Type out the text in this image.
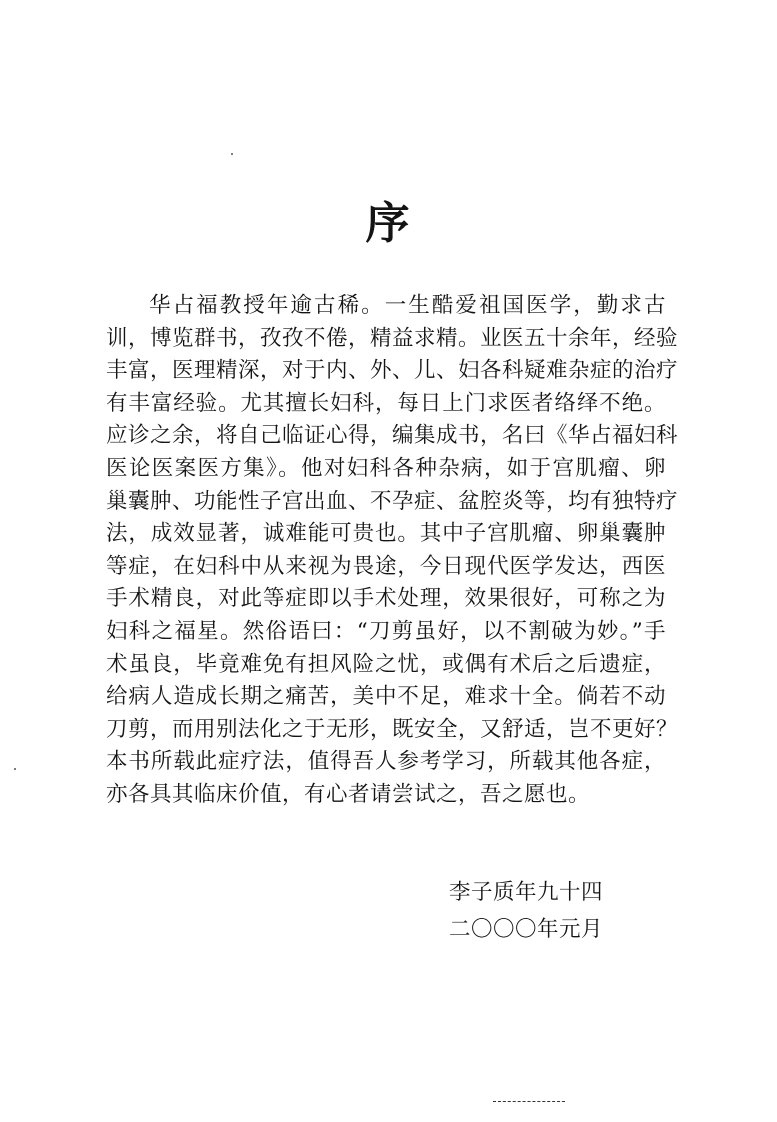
序
华占福教授年逾古稀。一生酷爱祖国医学，勤求古
训，博览群书，孜孜不倦，精益求精。业医五十余年，经验
丰富，医理精深，对于内、外、儿、妇各科疑难杂症的治疗
有丰富经验。尤其擅长妇科，每日上门求医者络绎不绝。
应诊之余，将自己临证心得，编集成书，名曰《华占福妇科
医论医案医方集》。他对妇科各种杂病，如于宫肌瘤、卵
巢囊肿、功能性子宫出血、不孕症、盆腔炎等，均有独特疗
法，成效显著，诚难能可贵也。其中子宫肌瘤、卵巢囊肿
等症，在妇科中从来视为畏途，今日现代医学发达，西医
手术精良，对此等症即以手术处理，效果很好，可称之为
妇科之福星。然俗语曰：“刀剪虽好，以不割破为妙。”手
术虽良，毕竟难免有担风险之忧，或偶有术后之后遗症，
给病人造成长期之痛苦，美中不足，难求十全。倘若不动
刀剪，而用别法化之于无形，既安全，又舒适，岂不更好？
本书所载此症疗法，值得吾人参考学习，所载其他各症，
亦各具其临床价值，有心者请尝试之，吾之愿也。
李子质年九十四
二〇〇〇年元月
